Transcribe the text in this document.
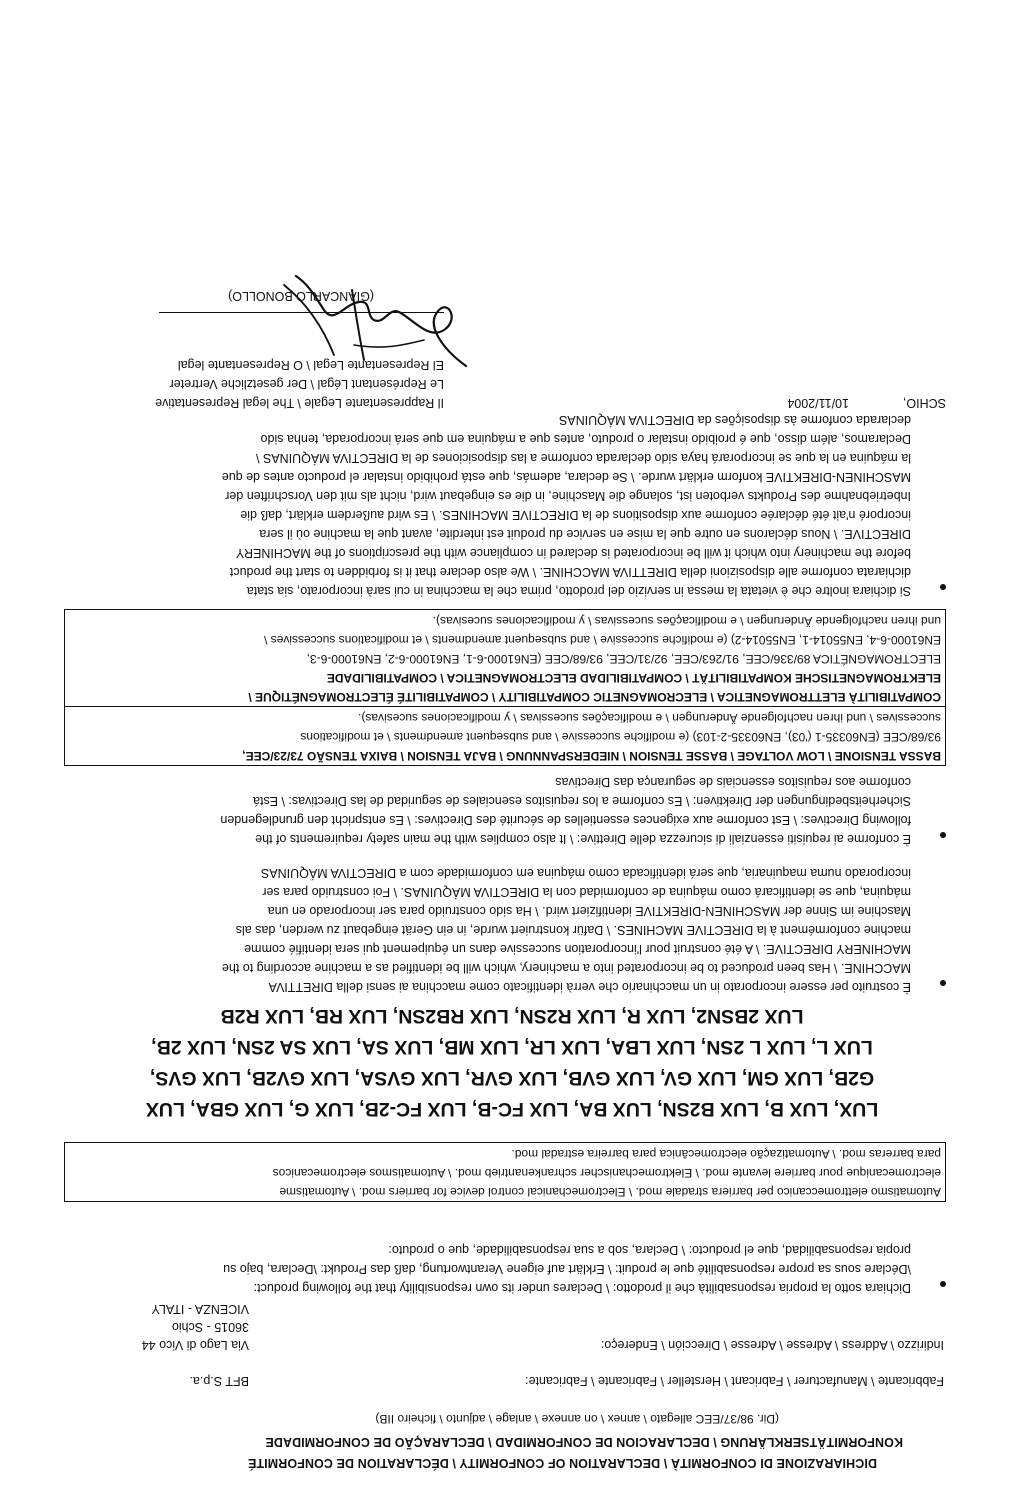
DICHIARAZIONE DI CONFORMITÀ \ DECLARATION OF CONFORMITY \ DÉCLARATION DE CONFORMITÉ
KONFORMITÄTSERKLÄRUNG \ DECLARACION DE CONFORMIDAD \ DECLARAÇÃO DE CONFORMIDADE
(Dir. 98/37/EEC allegato \ annex \ on annexe \ anlage \ adjunto \ ficheiro IIB)
Fabbricante \ Manufacturer \ Fabricant \ Hersteller \ Fabricante \ Fabricante:
BFT S.p.a.
Indirizzo \ Address \ Adresse \ Adresse \ Dirección \ Endereço:
Via Lago di Vico 44
36015 - Schio
VICENZA - ITALY
Dichiara sotto la propria responsabilità che il prodotto: \ Declares under its own responsibility that the following product:
\Déclare sous sa propre responsabilité que le produit: \ Erklärt auf eigene Verantwortung, daß das Produkt: \Declara, bajo su
propia responsabilidad, que el producto: \ Declara, sob a sua responsabilidade, que o produto:
Automatismo elettromeccanico per barriera stradale mod. \ Electromechanical control device for barriers mod. \ Automatisme
electromecanique pour barriere levante mod. \ Elektromechanischer schrankenantrieb mod. \ Automatismos electromecanicos
para barreras mod. \ Automatização electromecânica para barreira estradal mod.
LUX, LUX B, LUX B2SN, LUX BA, LUX FC-B, LUX FC-2B, LUX G, LUX GBA, LUX
G2B, LUX GM, LUX GV, LUX GVB, LUX GVR, LUX GVSA, LUX GV2B, LUX GVS,
LUX L, LUX L 2SN, LUX LBA, LUX LR, LUX MB, LUX SA, LUX SA 2SN, LUX 2B,
LUX 2BSN2, LUX R, LUX R2SN, LUX RB2SN, LUX RB, LUX R2B
È costruito per essere incorporato in un macchinario che verrà identificato come macchina ai sensi della DIRETTIVA
MACCHINE. \ Has been produced to be incorporated into a machinery, which will be identified as a machine according to the
MACHINERY DIRECTIVE. \ A été construit pour l'incorporation successive dans un équipement qui sera identifié comme
machine conformément à la DIRECTIVE MACHINES. \ Dafür konstruiert wurde, in ein Gerät eingebaut zu werden, das als
Maschine im Sinne der MASCHINEN-DIREKTIVE identifiziert wird. \ Ha sido construido para ser incorporado en una
máquina, que se identificará como máquina de conformidad con la DIRECTIVA MÁQUINAS. \ Foi construido para ser
incorporado numa maquinaria, que será identificada como máquina em conformidade com a DIRECTIVA MÁQUINAS
È conforme ai requisiti essenziali di sicurezza delle Direttive: \ It also complies with the main safety requirements of the
following Directives: \ Est conforme aux exigences essentielles de sécurité des Directives: \ Es entspricht den grundlegenden
Sicherheitsbedingungen der Direktiven: \ Es conforme a los requisitos esenciales de seguridad de las Directivas: \ Está
conforme aos requisitos essenciais de segurança das Directivas
BASSA TENSIONE \ LOW VOLTAGE \ BASSE TENSION \ NIEDERSPANNUNG \ BAJA TENSION \ BAIXA TENSÃO 73/23/CEE,
93/68/CEE (EN60335-1 ('03), EN60335-2-103) (e modifiche successive \ and subsequent amendments \ et modifications
successives \ und ihren nachfolgende Änderungen \ e modificações sucessivas \ y modificaciones sucesivas).
COMPATIBILITÀ ELETTROMAGNETICA \ ELECROMAGNETIC COMPATIBILITY \ COMPATIBILITÉ ÉLECTROMAGNÉTIQUE \
ELEKTROMAGNETISCHE KOMPATIBILITÄT \ COMPATIBILIDAD ELECTROMAGNETICA \ COMPATIBILIDADE
ELECTROMAGNÉTICA 89/336/CEE, 91/263/CEE, 92/31/CEE, 93/68/CEE (EN61000-6-1, EN61000-6-2, EN61000-6-3,
EN61000-6-4, EN55014-1, EN55014-2) (e modifiche successive \ and subsequent amendments \ et modifications successives \
und ihren nachfolgende Änderungen \ e modificações sucessivas \ y modificaciones sucesivas).
Si dichiara inoltre che è vietata la messa in servizio del prodotto, prima che la macchina in cui sarà incorporato, sia stata
dichiarata conforme alle disposizioni della DIRETTIVA MACCHINE. \ We also declare that it is forbidden to start the product
before the machinery into which it will be incorporated is declared in compliance with the prescriptions of the MACHINERY
DIRECTIVE. \ Nous déclarons en outre que la mise en service du produit est interdite, avant que la machine où il sera
incorporé n'ait été déclarée conforme aux dispositions de la DIRECTIVE MACHINES. \ Es wird außerdem erklärt, daß die
Inbetriebnahme des Produkts verboten ist, solange die Maschine, in die es eingebaut wird, nicht als mit den Vorschriften der
MASCHINEN-DIREKTIVE konform erklärt wurde. \ Se declara, además, que está prohibido instalar el producto antes de que
la máquina en la que se incorporará haya sido declarada conforme a las disposiciones de la DIRECTIVA MÁQUINAS \
Declaramos, além disso, que é proibido instalar o produto, antes que a máquina em que será incorporada, tenha sido
declarada conforme às disposições da DIRECTIVA MÁQUINAS
SCHIO,
10/11/2004
Il Rappresentante Legale \ The legal Representative
Le Représentant Légal \ Der gesetzliche Vertreter
El Representante Legal \ O Representante legal
(GIANCARLO BONOLLO)
